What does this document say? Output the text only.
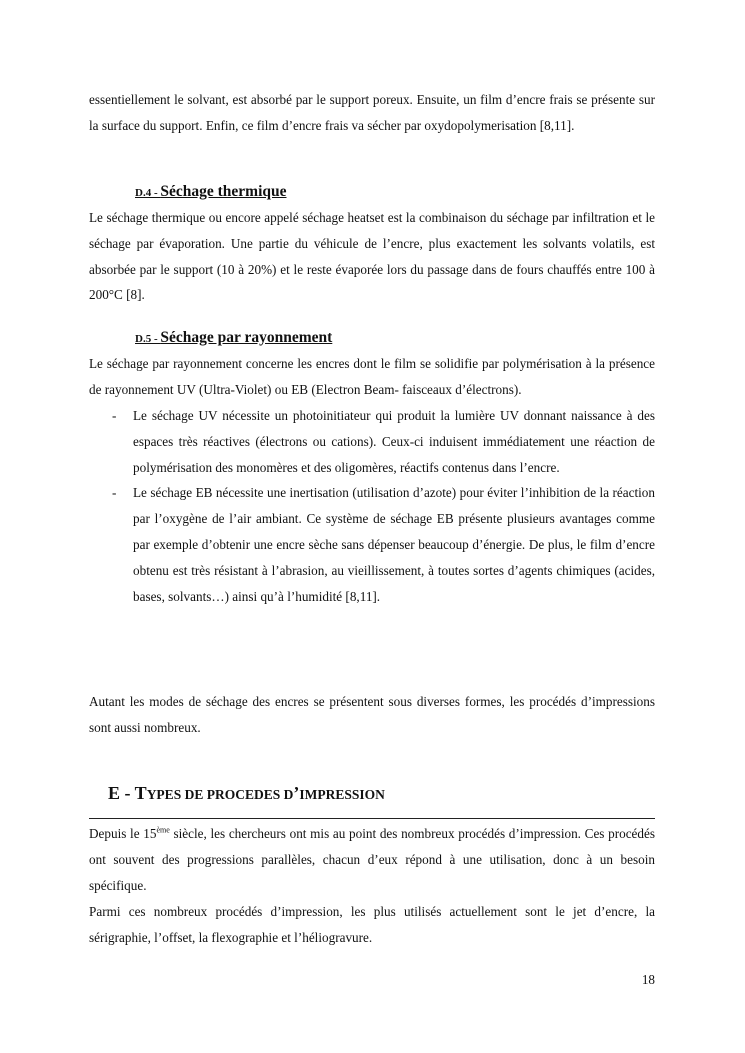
essentiellement le solvant, est absorbé par le support poreux. Ensuite, un film d’encre frais se présente sur la surface du support. Enfin, ce film d’encre frais va sécher par oxydopolymerisation [8,11].

D.4 - Séchage thermique

Le séchage thermique ou encore appelé séchage heatset est la combinaison du séchage par infiltration et le séchage par évaporation. Une partie du véhicule de l’encre, plus exactement les solvants volatils, est absorbée par le support (10 à 20%) et le reste évaporée lors du passage dans de fours chauffés entre 100 à 200°C [8].

D.5 - Séchage par rayonnement

Le séchage par rayonnement concerne les encres dont le film se solidifie par polymérisation à la présence de rayonnement UV (Ultra-Violet) ou EB (Electron Beam- faisceaux d’électrons).

- Le séchage UV nécessite un photoinitiateur qui produit la lumière UV donnant naissance à des espaces très réactives (électrons ou cations). Ceux-ci induisent immédiatement une réaction de polymérisation des monomères et des oligomères, réactifs contenus dans l’encre.
- Le séchage EB nécessite une inertisation (utilisation d’azote) pour éviter l’inhibition de la réaction par l’oxygène de l’air ambiant. Ce système de séchage EB présente plusieurs avantages comme par exemple d’obtenir une encre sèche sans dépenser beaucoup d’énergie. De plus, le film d’encre obtenu est très résistant à l’abrasion, au vieillissement, à toutes sortes d’agents chimiques (acides, bases, solvants…) ainsi qu’à l’humidité [8,11].

Autant les modes de séchage des encres se présentent sous diverses formes, les procédés d’impressions sont aussi nombreux.

E - TYPES DE PROCEDES D’IMPRESSION

Depuis le 15ème siècle, les chercheurs ont mis au point des nombreux procédés d’impression. Ces procédés ont souvent des progressions parallèles, chacun d’eux répond à une utilisation, donc à un besoin spécifique.

Parmi ces nombreux procédés d’impression, les plus utilisés actuellement sont le jet d’encre, la sérigraphie, l’offset, la flexographie et l’héliogravure.

18
